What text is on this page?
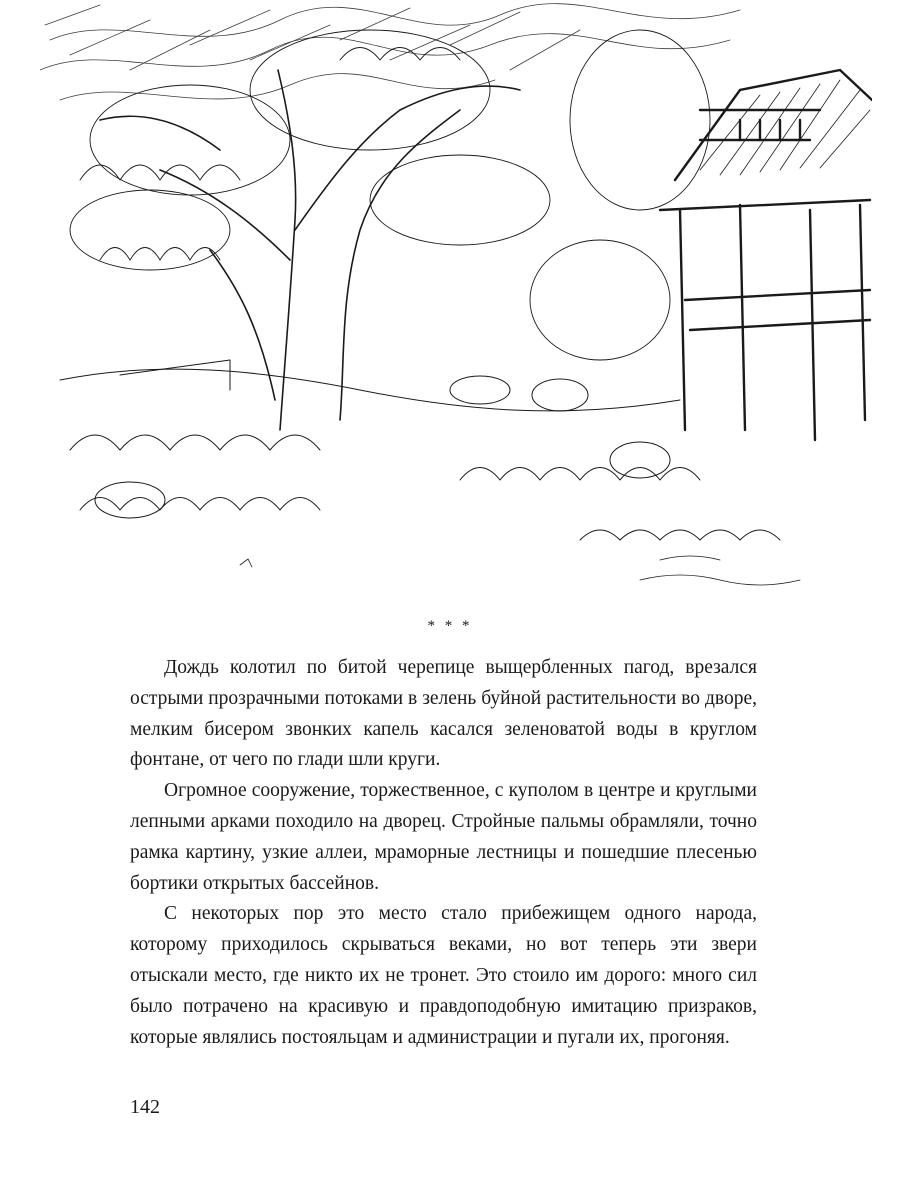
* * *

Дождь колотил по битой черепице выщербленных пагод, врезался острыми прозрачными потоками в зелень буйной растительности во дворе, мелким бисером звонких капель касался зеленоватой воды в круглом фонтане, от чего по глади шли круги.

Огромное сооружение, торжественное, с куполом в центре и круглыми лепными арками походило на дворец. Стройные пальмы обрамляли, точно рамка картину, узкие аллеи, мраморные лестницы и пошедшие плесенью бортики открытых бассейнов.

С некоторых пор это место стало прибежищем одного народа, которому приходилось скрываться веками, но вот теперь эти звери отыскали место, где никто их не тронет. Это стоило им дорого: много сил было потрачено на красивую и правдоподобную имитацию призраков, которые являлись постояльцам и администрации и пугали их, прогоняя.

142
